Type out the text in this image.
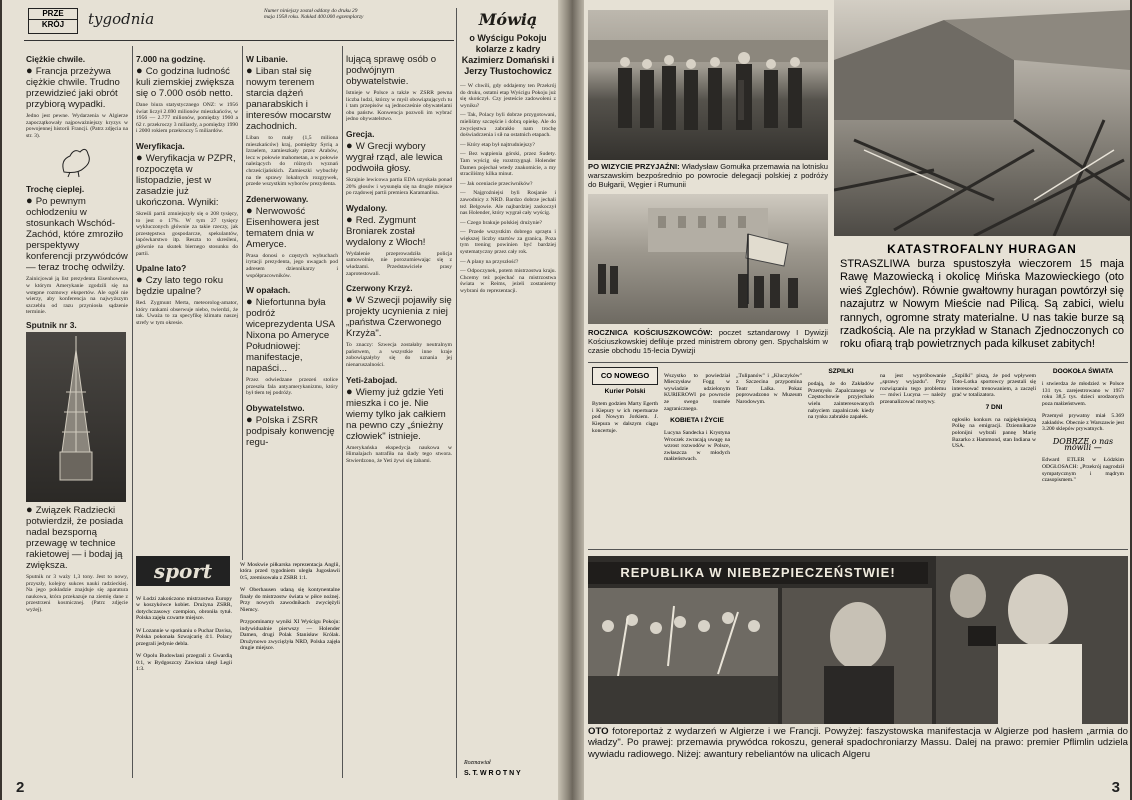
PRZE
KRÓJ	tygodnia	Numer niniejszy został oddany do druku 29 maja 1958 roku. Nakład 400.000 egzemplarzy
Ciężkie chwile.

● Francja przeżywa ciężkie chwile. Trudno przewidzieć jaki obrót przybiorą wypadki.

Jedno jest pewne. Wydarzenia w Algierze zapoczątkowały najpoważniejszy kryzys w powojennej historii Francji. (Patrz zdjęcia na str. 3).

Trochę cieplej.

● Po pewnym ochłodzeniu w stosunkach Wschód-Zachód, które zmroziło perspektywy konferencji przywódców — teraz trochę odwilży.

Zainicjował ją list prezydenta Eisenhowera, w którym Amerykanie zgodzili się na wstępne rozmowy ekspertów. Ale ogół nie wierzy, aby konferencja na najwyższym szczeblu od razu przyniosła sądzenie terminie.

Sputnik nr 3.

● Związek Radziecki potwierdził, że posiada nadal bezsporną przewagę w technice rakietowej — i bodaj ją zwiększa.

Sputnik nr 3 waży 1,3 tony. Jest to nowy, przyszły, kolejny sukces nauki radzieckiej. Na jego pokładzie znajduje się aparatura naukowa, która przekazuje na ziemię dane z przestrzeni kosmicznej. (Patrz zdjęcie wyżej).

7.000 na godzinę.

● Co godzina ludność kuli ziemskiej zwiększa się o 7.000 osób netto.

Dane biura statystycznego ONZ: w 1956 świat liczył 2.690 milionów mieszkańców, w 1956 — 2.777 milionów, pomiędzy 1960 a 62 r. przekroczy 3 miliardy, a pomiędzy 1990 i 2000 rokiem przekroczy 5 miliardów.

Weryfikacja.

● Weryfikacja w PZPR, rozpoczęta w listopadzie, jest w zasadzie już ukończona. Wyniki:

Skreśli partii zmniejszyły się o 208 tysięcy, to jest o 17%. W tym 27 tysięcy wykluczonych głównie za takie rzeczy, jak przestępstwa gospodarcze, spekulantów, łapówkarstwo itp. Reszta to skreśleni, głównie na skutek biernego stosunku do partii.

Upalne lato?

● Czy lato tego roku będzie upalne?

Red. Zygmunt Merta, meteorolog-amator, który rankami obserwuje niebo, twierdzi, że tak. Uważa to za specyfikę klimatu naszej strefy w tym okresie.

W Libanie.

● Liban stał się nowym terenem starcia dążeń panarabskich i interesów mocarstw zachodnich.

Liban to mały (1,5 miliona mieszkańców) kraj, pomiędzy Syrią a Izraelem, zamieszkały przez Arabów, lecz w połowie mahometan, a w połowie należących do różnych wyznań chrześcijańskich. Zamieszki wybuchły na tle sprawy lokalnych rozgrywek, przede wszystkim wyborów prezydenta.

Zdenerwowany.

● Nerwowość Eisenhowera jest tematem dnia w Ameryce.

Prasa donosi o częstych wybuchach irytacji prezydenta, jego uwagach pod adresem dziennikarzy i współpracowników.

W opałach.

● Niefortunna była podróż wiceprezydenta USA Nixona po Ameryce Południowej: manifestacje, napaści...

Przez odwiedzane przezeń stolice przeszła fala antyamerykanizmu, który był tłem tej podróży.

Obywatelstwo.

● Polska i ZSRR podpisały konwencję regu-

lującą sprawę osób o podwójnym obywatelstwie.

Istnieje w Polsce a także w ZSRR pewna liczba ludzi, którzy w myśl obowiązujących tu i tam przepisów są jednocześnie obywatelami obu państw. Konwencja pozwoli im wybrać jedno obywatelstwo.

Grecja.

● W Grecji wybory wygrał rząd, ale lewica podwoiła głosy.

Skrajnie lewicowa partia EDA uzyskała ponad 20% głosów i wysunęła się na drugie miejsce po rządowej partii premiera Karamanlisa.

Wydalony.

● Red. Zygmunt Broniarek został wydalony z Włoch!

Wydalenie przeprowadziła policja samowolnie, nie porozumiewając się z władzami. Przedstawiciele prasy zaprotestowali.

Czerwony Krzyż.

● W Szwecji pojawiły się projekty ucynienia z niej „państwa Czerwonego Krzyża".

To znaczy: Szwecja zostałaby neutralnym państwem, a wszystkie inne kraje zobowiązałyby się do uznania jej nienaruszalności.

Yeti-żabojad.

● Wiemy już gdzie Yeti mieszka i co je. Nie wiemy tylko jak całkiem na pewno czy „śnieżny człowiek" istnieje.

Amerykańska ekspedycja naukowa w Himalajach natrafiła na ślady tego stwora. Stwierdzono, że Yeti żywi się żabami.

sport

W Łodzi zakończono mistrzostwa Europy w koszykówce kobiet. Drużyna ZSRR, dotychczasowy czempion, obroniła tytuł. Polska zajęła czwarte miejsce.

W Lozannie w spotkaniu o Puchar Davisa, Polska pokonała Szwajcarię 4:1. Polacy przegrali jedynie debla.

W Opolu Budowlani przegrali z Gwardią 0:1, w Bydgoszczy Zawisza uległ Legii 1:3.

W Moskwie piłkarska reprezentacja Anglii, która przed tygodniem uległa Jugosławii 0:5, zremisowała z ZSRR 1:1.

W Oberhausen udaną się kontynentalne finały do mistrzostw świata w piłce nożnej. Przy nowych zawodnikach zwyciężyli Niemcy.

Przypominamy wyniki XI Wyścigu Pokoju: indywidualnie pierwszy — Holender Damen, drugi Polak Stanisław Królak. Drużynowo zwyciężyła NRD, Polska zajęła drugie miejsce.

Mówią
o Wyścigu Pokoju kolarze z kadry Kazimierz Domański i Jerzy Tłustochowicz

— W chwili, gdy oddajemy ten Przekrój do druku, ostatni etap Wyścigu Pokoju już się skończył. Czy jesteście zadowoleni z wyniku?

— Tak, Polacy byli dobrze przygotowani, mieliśmy szczęście i dobrą opiekę. Ale do zwycięstwa zabrakło nam trochę doświadczenia i sił na ostatnich etapach.

— Który etap był najtrudniejszy?

— Bez wątpienia górski, przez Sudety. Tam wyścig się rozstrzygnął. Holender Damen pojechał wtedy znakomicie, a my straciliśmy kilka minut.

— Jak oceniacie przeciwników?

— Najgroźniejsi byli Rosjanie i zawodnicy z NRD. Bardzo dobrze jechali też Belgowie. Ale najbardziej zaskoczył nas Holender, który wygrał cały wyścig.

— Czego brakuje polskiej drużynie?

— Przede wszystkim dobrego sprzętu i większej liczby startów za granicą. Poza tym trening powinien być bardziej systematyczny przez cały rok.

— A plany na przyszłość?

— Odpoczynek, potem mistrzostwa kraju. Chcemy też pojechać na mistrzostwa świata w Reims, jeżeli zostaniemy wybrani do reprezentacji.

Rozmawiał
S. T. W R O T N Y
2
PO WIZYCIE PRZYJAŹNI: Władysław Gomułka przemawia na lotnisku warszawskim bezpośrednio po powrocie delegacji polskiej z podróży do Bułgarii, Węgier i Rumunii
ROCZNICA KOŚCIUSZKOWCÓW: poczet sztandarowy I Dywizji Kościuszkowskiej defiluje przed ministrem obrony gen. Spychalskim w czasie obchodu 15-lecia Dywizji
KATASTROFALNY HURAGAN
STRASZLIWA burza spustoszyła wieczorem 15 maja Rawę Mazowiecką i okolicę Mińska Mazowieckiego (oto wieś Zglechów). Równie gwałtowny huragan powtórzył się nazajutrz w Nowym Mieście nad Pilicą. Są zabici, wielu rannych, ogromne straty materialne. U nas takie burze są rzadkością. Ale na przykład w Stanach Zjednoczonych co roku ofiarą trąb powietrznych pada kilkuset zabitych!
CO NOWEGO
Kurier Polski

Bytem godzien Marty Egerth i Kiepury w ich repertuarze pod Nowym Jorkiem. J. Kiepura w dalszym ciągu koncertuje.

Wszystko to powiedział Mieczysław Fogg w wywiadzie udzielonym KURIEROWI po powrocie ze swego tournée zagranicznego.

KOBIETA I ŻYCIE

Lucyna Sandecka i Krystyna Wroczek zwracają uwagę na wzrost rozwodów w Polsce, zwłaszcza w młodych małżeństwach.

„Tulipanów" i „Kluczyków" z Szczecina przypomina Teatr Lalka. Pokaz poprowadzono w Muzeum Narodowym.

SZPILKI

podają, że do Zakładów Przemysłu Zapalczanego w Częstochowie przyjechało wielu zainteresowanych nabyciem zapalniczek kiedy na rynku zabrakło zapałek.

na jest wypróbowanie „sprawy wyjazdu". Przy rozwiązaniu tego problemu — mówi Lucyna — należy przeanalizować motywy.

„Szpilki" piszą, że pod wpływem Toto-Lotka sportowcy przestali się interesować trenowaniem, a zaczęli grać w totalizatora.

7 DNI

ogłosiło konkurs na najpiękniejszą Polkę na emigracji. Dziennikarze polonijni wybrali pannę Marię Bazarko z Hammond, stan Indiana w USA.

DOOKOŁA ŚWIATA

i stwierdza że młodzież w Polsce 131 tys. zarejestrowano w 1957 roku 38,5 tys. dzieci urodzonych poza małżeństwem.

Przemysł prywatny miał 5.369 zakładów. Obecnie z Warszawie jest 3.200 sklepów prywatnych.

DOBRZE o nas mówili —

Edward ETLER w Łódzkim ODGŁOSACH: „Przekrój nagrodził sympatycznym i mądrym czasopismem."

REPUBLIKA W NIEBEZPIECZEŃSTWIE!
OTO fotoreportaż z wydarzeń w Algierze i we Francji. Powyżej: faszystowska manifestacja w Algierze pod hasłem „armia do władzy". Po prawej: przemawia prywódca rokoszu, generał spadochroniarzy Massu. Dalej na prawo: premier Pflimlin udziela wywiadu radiowego. Niżej: awantury rebeliantów na ulicach Algeru
3
